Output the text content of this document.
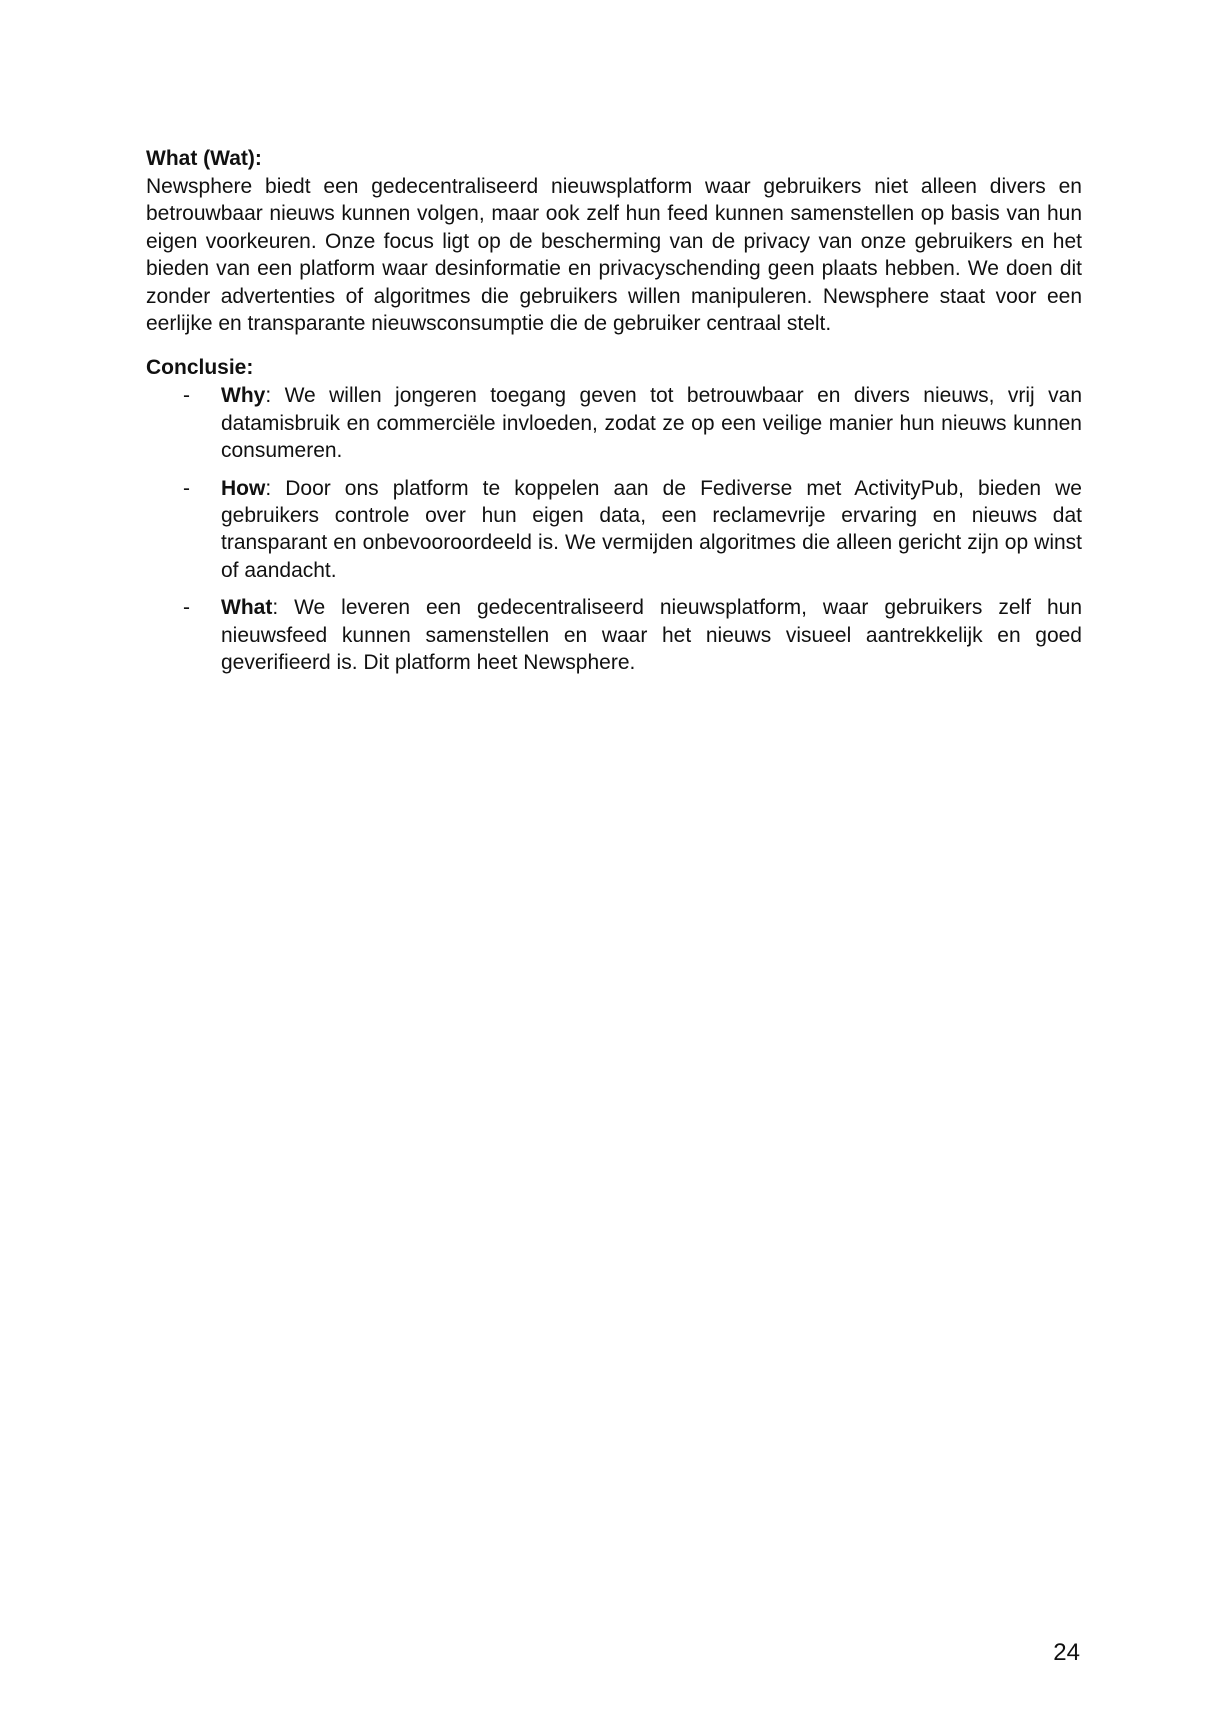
What (Wat):

Newsphere biedt een gedecentraliseerd nieuwsplatform waar gebruikers niet alleen divers en betrouwbaar nieuws kunnen volgen, maar ook zelf hun feed kunnen samenstellen op basis van hun eigen voorkeuren. Onze focus ligt op de bescherming van de privacy van onze gebruikers en het bieden van een platform waar desinformatie en privacyschending geen plaats hebben. We doen dit zonder advertenties of algoritmes die gebruikers willen manipuleren. Newsphere staat voor een eerlijke en transparante nieuwsconsumptie die de gebruiker centraal stelt.

Conclusie:

- Why: We willen jongeren toegang geven tot betrouwbaar en divers nieuws, vrij van datamisbruik en commerciële invloeden, zodat ze op een veilige manier hun nieuws kunnen consumeren.
- How: Door ons platform te koppelen aan de Fediverse met ActivityPub, bieden we gebruikers controle over hun eigen data, een reclamevrije ervaring en nieuws dat transparant en onbevooroordeeld is. We vermijden algoritmes die alleen gericht zijn op winst of aandacht.
- What: We leveren een gedecentraliseerd nieuwsplatform, waar gebruikers zelf hun nieuwsfeed kunnen samenstellen en waar het nieuws visueel aantrekkelijk en goed geverifieerd is. Dit platform heet Newsphere.
24
